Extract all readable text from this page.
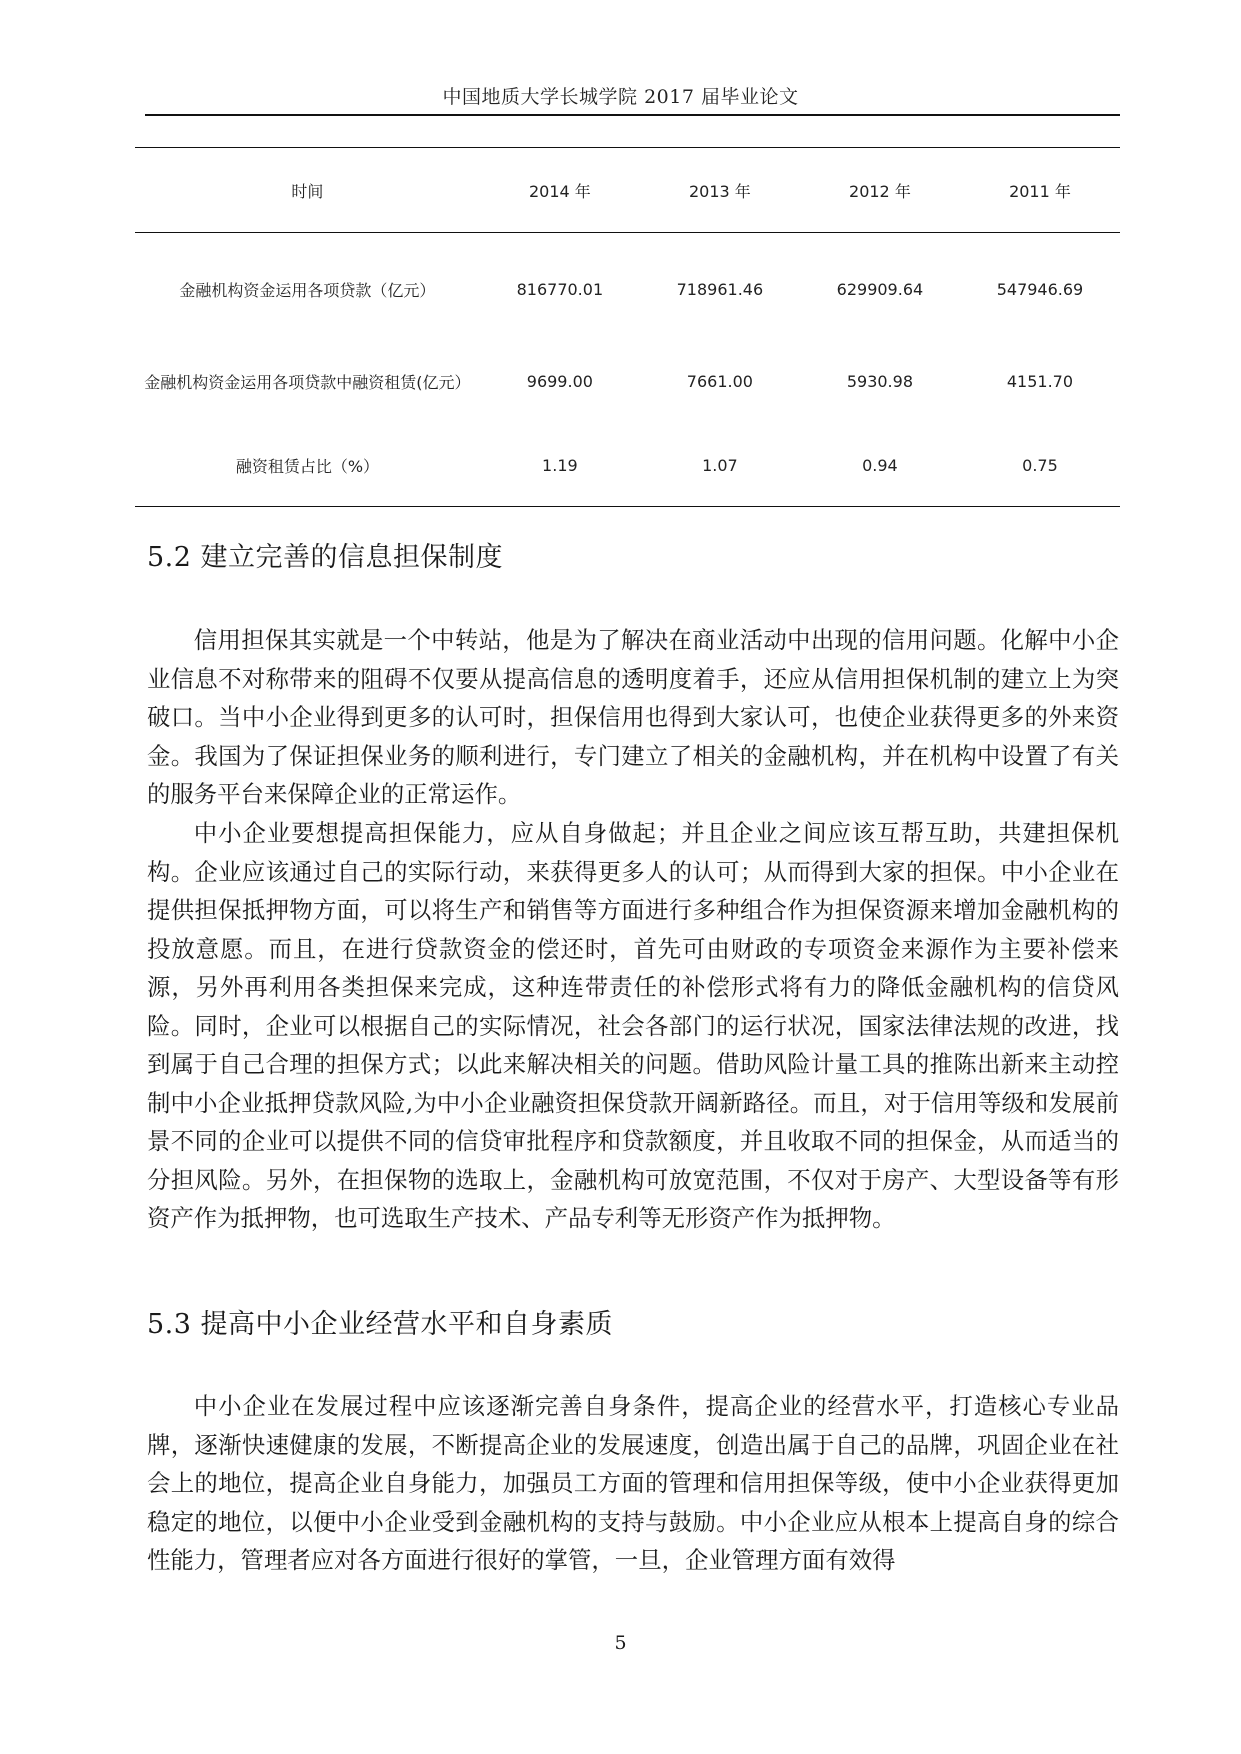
中国地质大学长城学院 2017 届毕业论文
时间	2014 年	2013 年	2012 年	2011 年
金融机构资金运用各项贷款（亿元）	816770.01	718961.46	629909.64	547946.69
金融机构资金运用各项贷款中融资租赁(亿元）	9699.00	7661.00	5930.98	4151.70
融资租赁占比（%）	1.19	1.07	0.94	0.75
5.2 建立完善的信息担保制度

信用担保其实就是一个中转站，他是为了解决在商业活动中出现的信用问题。化解中小企业信息不对称带来的阻碍不仅要从提高信息的透明度着手，还应从信用担保机制的建立上为突破口。当中小企业得到更多的认可时，担保信用也得到大家认可，也使企业获得更多的外来资金。我国为了保证担保业务的顺利进行，专门建立了相关的金融机构，并在机构中设置了有关的服务平台来保障企业的正常运作。

中小企业要想提高担保能力，应从自身做起；并且企业之间应该互帮互助，共建担保机构。企业应该通过自己的实际行动，来获得更多人的认可；从而得到大家的担保。中小企业在提供担保抵押物方面，可以将生产和销售等方面进行多种组合作为担保资源来增加金融机构的投放意愿。而且，在进行贷款资金的偿还时，首先可由财政的专项资金来源作为主要补偿来源，另外再利用各类担保来完成，这种连带责任的补偿形式将有力的降低金融机构的信贷风险。同时，企业可以根据自己的实际情况，社会各部门的运行状况，国家法律法规的改进，找到属于自己合理的担保方式；以此来解决相关的问题。借助风险计量工具的推陈出新来主动控制中小企业抵押贷款风险,为中小企业融资担保贷款开阔新路径。而且，对于信用等级和发展前景不同的企业可以提供不同的信贷审批程序和贷款额度，并且收取不同的担保金，从而适当的分担风险。另外，在担保物的选取上，金融机构可放宽范围，不仅对于房产、大型设备等有形资产作为抵押物，也可选取生产技术、产品专利等无形资产作为抵押物。

5.3 提高中小企业经营水平和自身素质

中小企业在发展过程中应该逐渐完善自身条件，提高企业的经营水平，打造核心专业品牌，逐渐快速健康的发展，不断提高企业的发展速度，创造出属于自己的品牌，巩固企业在社会上的地位，提高企业自身能力，加强员工方面的管理和信用担保等级，使中小企业获得更加稳定的地位，以便中小企业受到金融机构的支持与鼓励。中小企业应从根本上提高自身的综合性能力，管理者应对各方面进行很好的掌管，一旦，企业管理方面有效得

5
